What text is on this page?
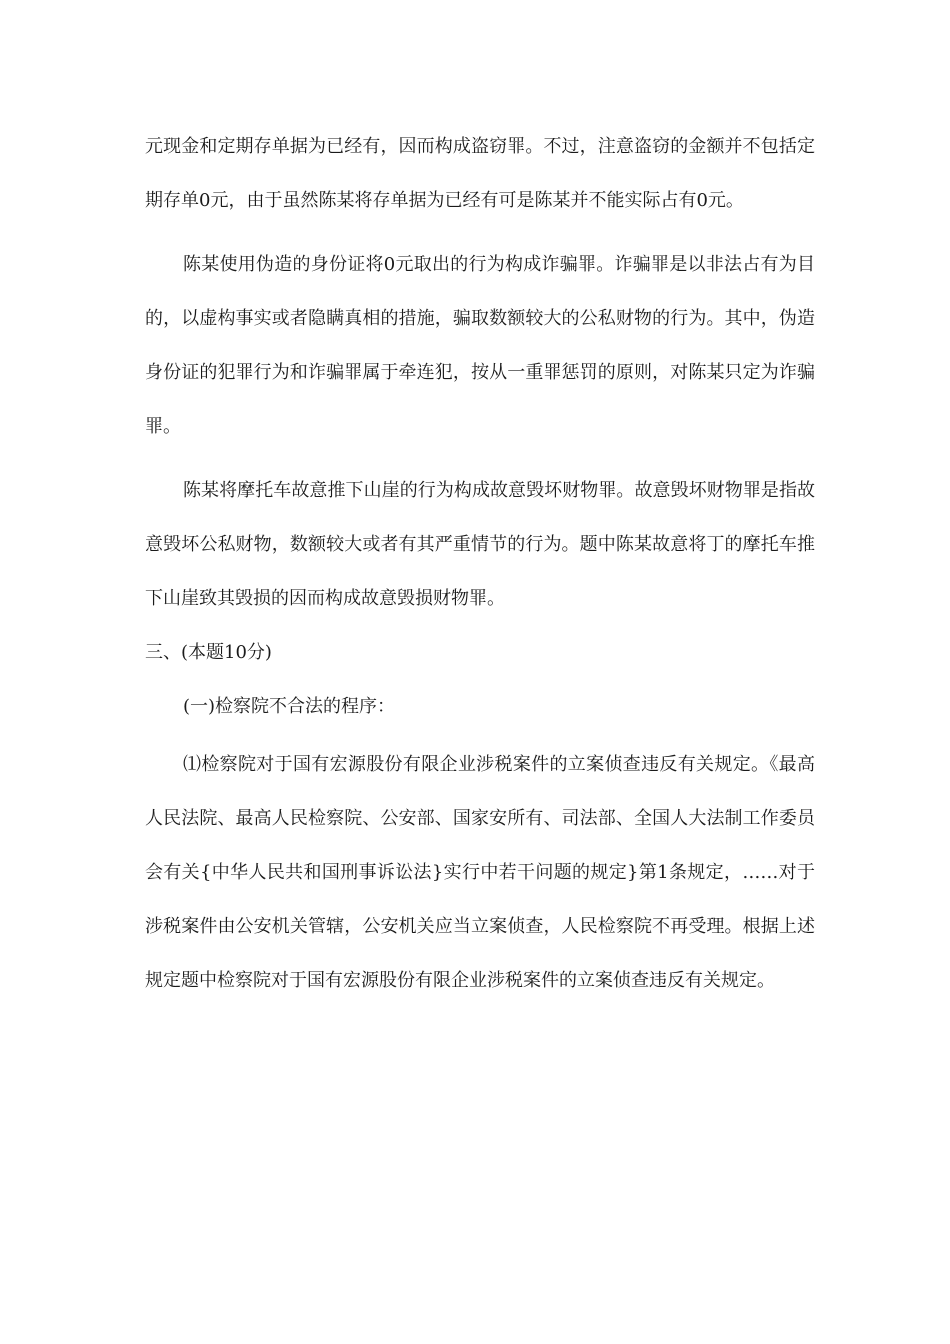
元现金和定期存单据为已经有，因而构成盗窃罪。不过，注意盗窃的金额并不包括定期存单0元，由于虽然陈某将存单据为已经有可是陈某并不能实际占有0元。

陈某使用伪造的身份证将0元取出的行为构成诈骗罪。诈骗罪是以非法占有为目的，以虚构事实或者隐瞒真相的措施，骗取数额较大的公私财物的行为。其中，伪造身份证的犯罪行为和诈骗罪属于牵连犯，按从一重罪惩罚的原则，对陈某只定为诈骗罪。

陈某将摩托车故意推下山崖的行为构成故意毁坏财物罪。故意毁坏财物罪是指故意毁坏公私财物，数额较大或者有其严重情节的行为。题中陈某故意将丁的摩托车推下山崖致其毁损的因而构成故意毁损财物罪。

三、(本题10分)

(一)检察院不合法的程序：

⑴检察院对于国有宏源股份有限企业涉税案件的立案侦查违反有关规定。《最高人民法院、最高人民检察院、公安部、国家安所有、司法部、全国人大法制工作委员会有关{中华人民共和国刑事诉讼法}实行中若干问题的规定}第1条规定，……对于涉税案件由公安机关管辖，公安机关应当立案侦查，人民检察院不再受理。根据上述规定题中检察院对于国有宏源股份有限企业涉税案件的立案侦查违反有关规定。
